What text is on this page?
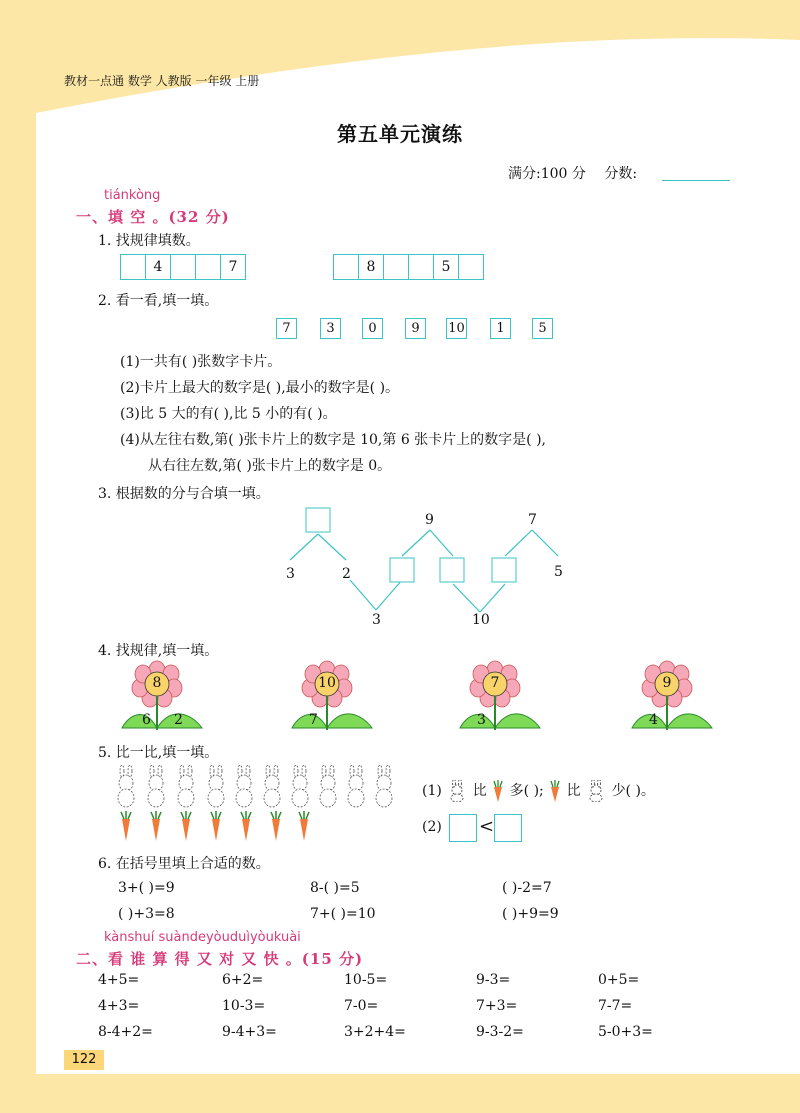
教材一点通 数学 人教版 一年级 上册
第五单元演练
满分:100 分 分数:
tiánkòng
一、填 空 。(32 分)
1. 找规律填数。
4	7	8	5
2. 看一看,填一填。
7	3	0	9	10	1	5
(1)一共有( )张数字卡片。
(2)卡片上最大的数字是( ),最小的数字是( )。
(3)比 5 大的有( ),比 5 小的有( )。
(4)从左往右数,第( )张卡片上的数字是 10,第 6 张卡片上的数字是( ),
从右往左数,第( )张卡片上的数字是 0。
3. 根据数的分与合填一填。
3	2
3
9
10
7
5
4. 找规律,填一填。
8
6 2
10
7
7
3
9
4
5. 比一比,填一填。
(1) 比 多( ); 比 少( )。
(2) <
6. 在括号里填上合适的数。
3+( )=9	8-( )=5	( )-2=7
( )+3=8	7+( )=10	( )+9=9
kànshuí suàndeyòuduìyòukuài
二、看 谁 算 得 又 对 又 快 。(15 分)
4+5=	6+2=	10-5=	9-3=	0+5=
4+3=	10-3=	7-0=	7+3=	7-7=
8-4+2=	9-4+3=	3+2+4=	9-3-2=	5-0+3=
122
